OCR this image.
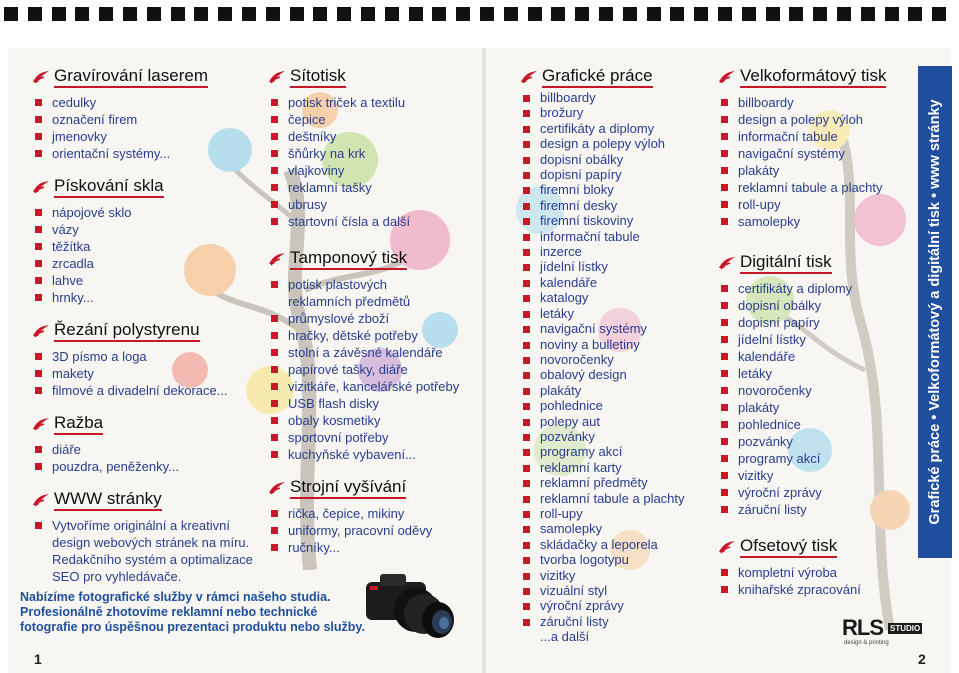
Gravírování laserem
cedulky
označení firem
jmenovky
orientační systémy...
Pískování skla
nápojové sklo
vázy
těžítka
zrcadla
lahve
hrnky...
Řezání polystyrenu
3D písmo a loga
makety
filmové a divadelní dekorace...
Ražba
diáře
pouzdra, peněženky...
WWW stránky
Vytvoříme originální a kreativní
design webových stránek na míru.
Redakčního systém a optimalizace
SEO pro vyhledávače.
Sítotisk
potisk triček a textilu
čepice
deštníky
šňůrky na krk
vlajkoviny
reklamní tašky
ubrusy
startovní čísla a další
Tamponový tisk
potisk plastových
reklamních předmětů
průmyslové zboží
hračky, dětské potřeby
stolní a závěsné kalendáře
papírové tašky, diáře
vizitkáře, kancelářské potřeby
USB flash disky
obaly kosmetiky
sportovní potřeby
kuchyňské vybavení...
Strojní vyšívání
rička, čepice, mikiny
uniformy, pracovní oděvy
ručníky...
Nabízíme fotografické služby v rámci našeho studia.
Profesionálně zhotovíme reklamní nebo technické
fotografie pro úspěšnou prezentaci produktu nebo služby.
Grafické práce
billboardy
brožury
certifikáty a diplomy
design a polepy výloh
dopisní obálky
dopisní papíry
firemní bloky
firemní desky
firemní tiskoviny
informační tabule
inzerce
jídelní lístky
kalendáře
katalogy
letáky
navigační systémy
noviny a bulletiny
novoročenky
obalový design
plakáty
pohlednice
polepy aut
pozvánky
programy akcí
reklamní karty
reklamní předměty
reklamní tabule a plachty
roll-upy
samolepky
skládačky a leporela
tvorba logotypu
vizitky
vizuální styl
výroční zprávy
záruční listy
...a další
Velkoformátový tisk
billboardy
design a polepy výloh
informační tabule
navigační systémy
plakáty
reklamní tabule a plachty
roll-upy
samolepky
Digitální tisk
certifikáty a diplomy
dopisní obálky
dopisní papíry
jídelní lístky
kalendáře
letáky
novoročenky
plakáty
pohlednice
pozvánky
programy akcí
vizitky
výroční zprávy
záruční listy
Ofsetový tisk
kompletní výroba
knihařské zpracování
Grafické práce • Velkoformátový a digitální tisk • www stránky
RLS STUDIO
design & printing
1	2
